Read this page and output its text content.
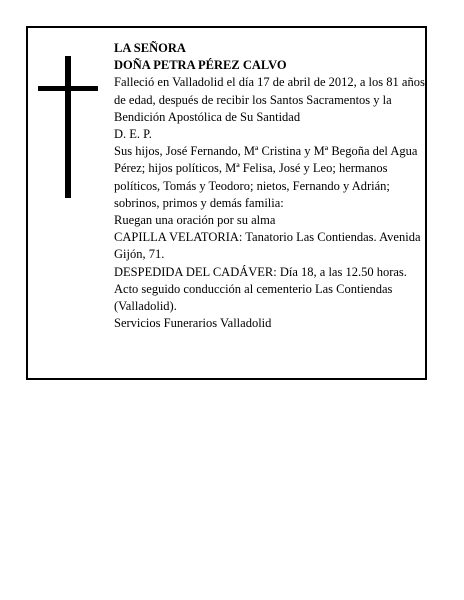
LA SEÑORA

DOÑA PETRA PÉREZ CALVO

Falleció en Valladolid el día 17 de abril de 2012, a los 81 años de edad, después de recibir los Santos Sacramentos y la Bendición Apostólica de Su Santidad

D. E. P.

Sus hijos, José Fernando, Mª Cristina y Mª Begoña del Agua Pérez; hijos políticos, Mª Felisa, José y Leo; hermanos políticos, Tomás y Teodoro; nietos, Fernando y Adrián; sobrinos, primos y demás familia:

Ruegan una oración por su alma

CAPILLA VELATORIA: Tanatorio Las Contiendas. Avenida Gijón, 71.

DESPEDIDA DEL CADÁVER: Día 18, a las 12.50 horas. Acto seguido conducción al cementerio Las Contiendas (Valladolid).

Servicios Funerarios Valladolid
